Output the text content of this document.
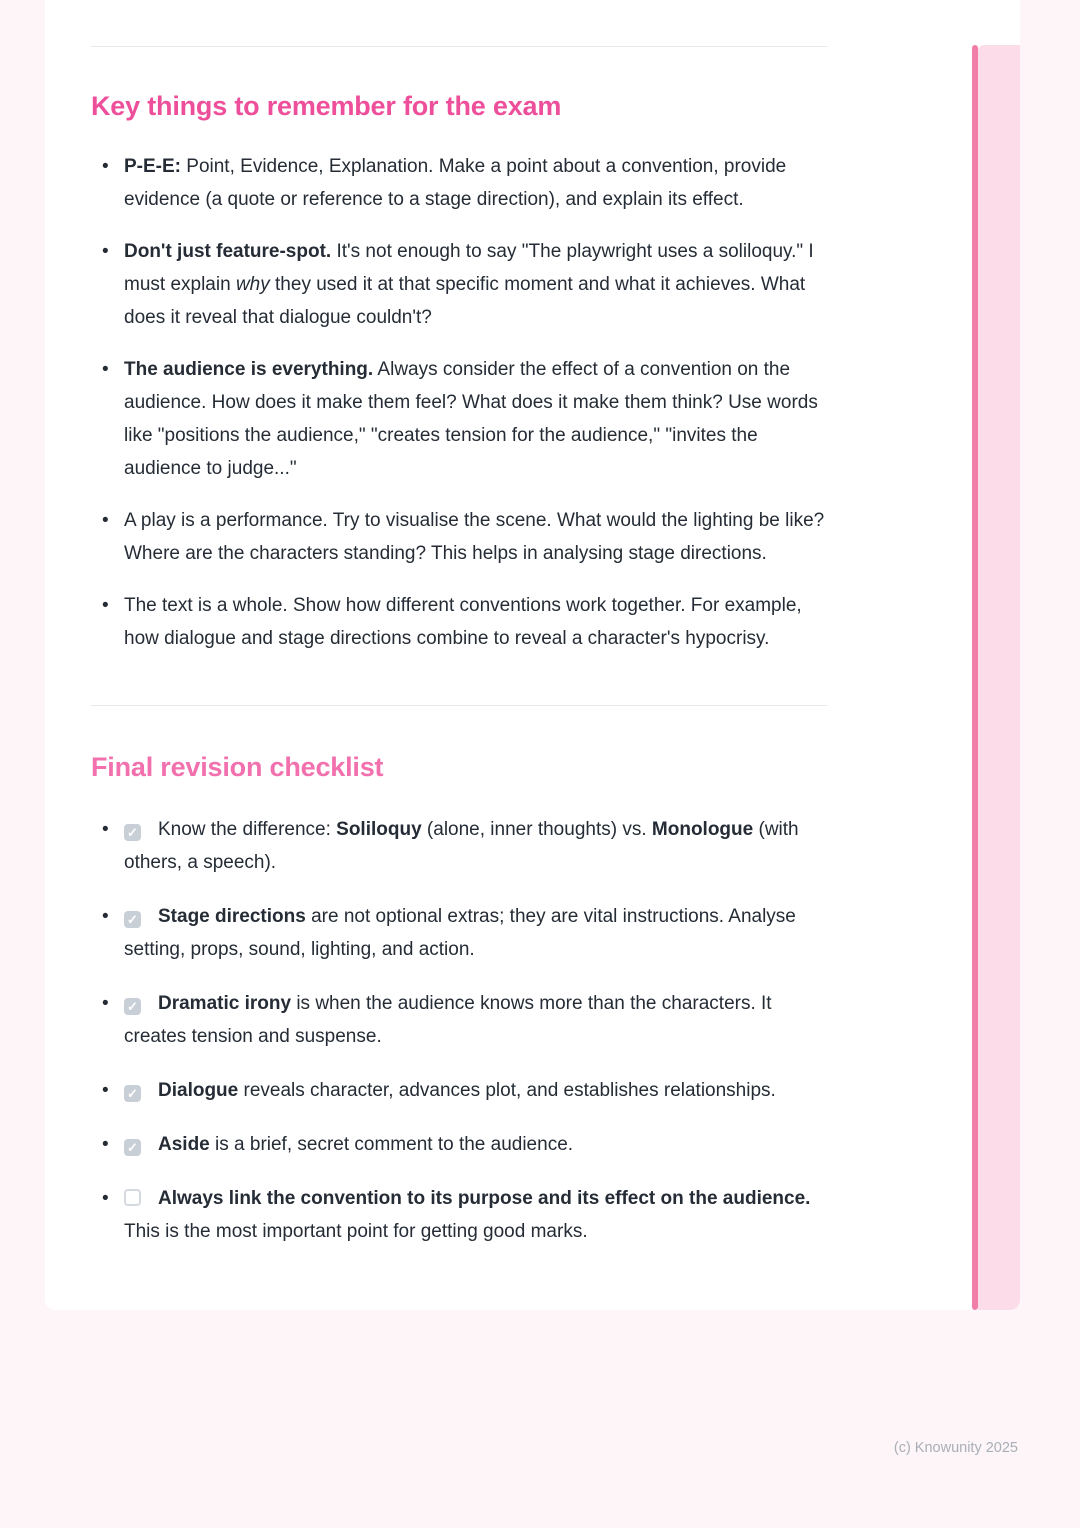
Key things to remember for the exam
• P-E-E: Point, Evidence, Explanation. Make a point about a convention, provide evidence (a quote or reference to a stage direction), and explain its effect.
• Don't just feature-spot. It's not enough to say "The playwright uses a soliloquy." I must explain why they used it at that specific moment and what it achieves. What does it reveal that dialogue couldn't?
• The audience is everything. Always consider the effect of a convention on the audience. How does it make them feel? What does it make them think? Use words like "positions the audience," "creates tension for the audience," "invites the audience to judge..."
• A play is a performance. Try to visualise the scene. What would the lighting be like? Where are the characters standing? This helps in analysing stage directions.
• The text is a whole. Show how different conventions work together. For example, how dialogue and stage directions combine to reveal a character's hypocrisy.
Final revision checklist
• ✓ Know the difference: Soliloquy (alone, inner thoughts) vs. Monologue (with others, a speech).
• ✓ Stage directions are not optional extras; they are vital instructions. Analyse setting, props, sound, lighting, and action.
• ✓ Dramatic irony is when the audience knows more than the characters. It creates tension and suspense.
• ✓ Dialogue reveals character, advances plot, and establishes relationships.
• ✓ Aside is a brief, secret comment to the audience.
•	Always link the convention to its purpose and its effect on the audience. This is the most important point for getting good marks.
(c) Knowunity 2025
